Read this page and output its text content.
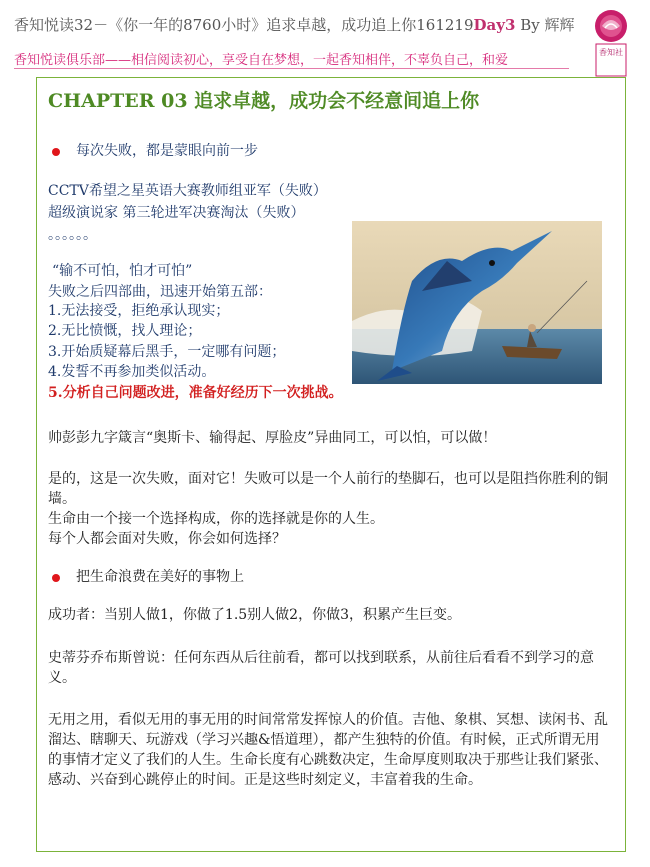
香知悦读32－《你一年的8760小时》追求卓越，成功追上你161219Day3 By 辉辉
香知悦读俱乐部——相信阅读初心，享受自在梦想，一起香知相伴，不辜负自己，和爱
香知社
CHAPTER 03 追求卓越，成功会不经意间追上你
每次失败，都是蒙眼向前一步
CCTV希望之星英语大赛教师组亚军（失败）
超级演说家 第三轮进军决赛淘汰（失败）
。。。。。。
“输不可怕，怕才可怕”
失败之后四部曲，迅速开始第五部：
1.无法接受，拒绝承认现实；
2.无比愤慨，找人理论；
3.开始质疑幕后黑手，一定哪有问题；
4.发誓不再参加类似活动。
5.分析自己问题改进，准备好经历下一次挑战。
帅彭彭九字箴言“奥斯卡、输得起、厚脸皮”异曲同工，可以怕，可以做！
是的，这是一次失败，面对它！失败可以是一个人前行的垫脚石，也可以是阻挡你胜利的铜墙。
生命由一个接一个选择构成，你的选择就是你的人生。
每个人都会面对失败，你会如何选择？
把生命浪费在美好的事物上
成功者：当别人做1，你做了1.5别人做2，你做3，积累产生巨变。
史蒂芬乔布斯曾说：任何东西从后往前看，都可以找到联系，从前往后看看不到学习的意义。
无用之用，看似无用的事无用的时间常常发挥惊人的价值。吉他、象棋、冥想、读闲书、乱溜达、瞎聊天、玩游戏（学习兴趣&悟道理），都产生独特的价值。有时候，正式所谓无用的事情才定义了我们的人生。生命长度有心跳数决定，生命厚度则取决于那些让我们紧张、感动、兴奋到心跳停止的时间。正是这些时刻定义，丰富着我的生命。
